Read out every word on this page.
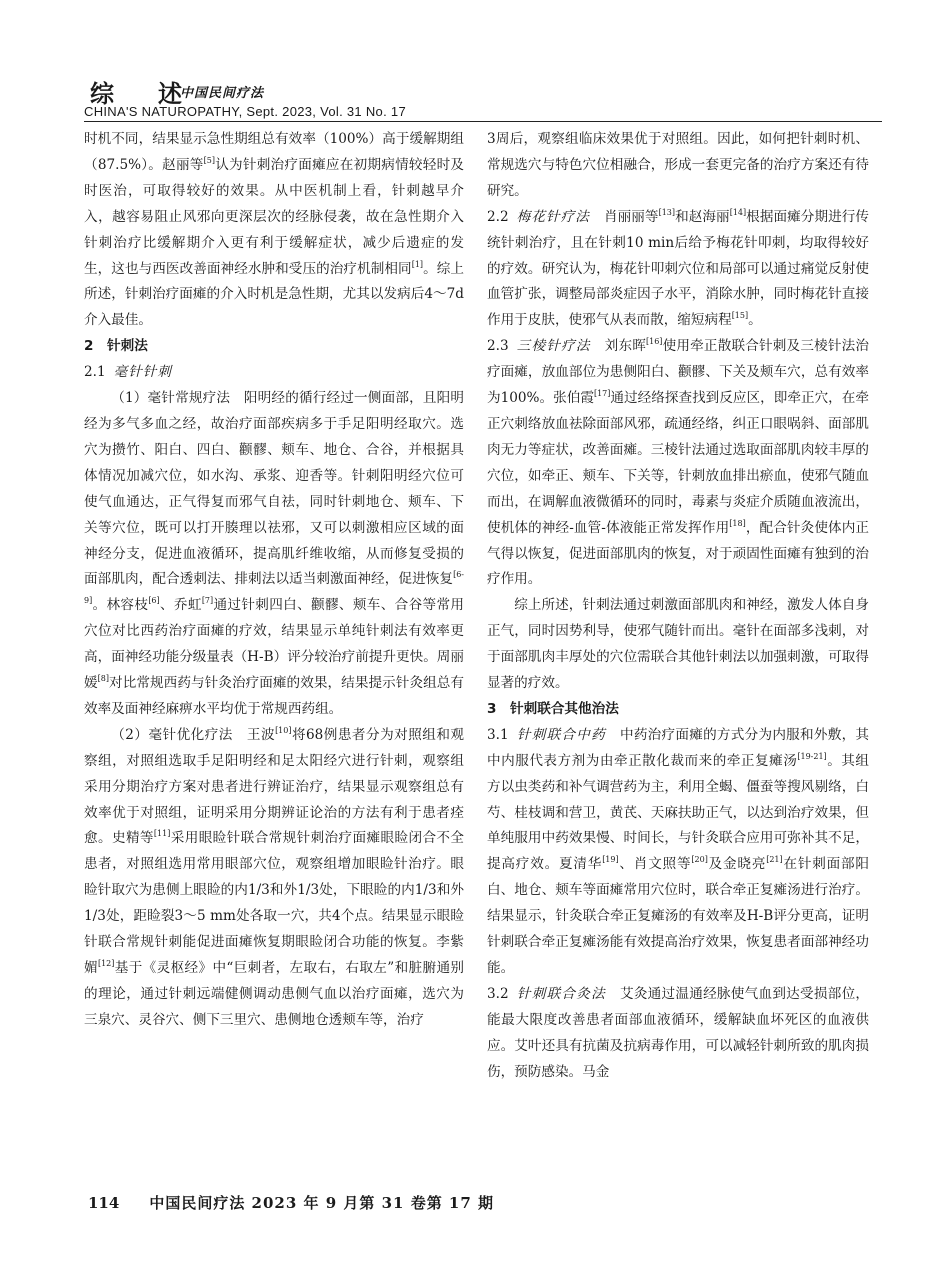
综 述
中国民间疗法
CHINA'S NATUROPATHY, Sept. 2023, Vol. 31 No. 17

时机不同，结果显示急性期组总有效率（100%）高于缓解期组（87.5%）。赵丽等[5]认为针刺治疗面瘫应在初期病情较轻时及时医治，可取得较好的效果。从中医机制上看，针刺越早介入，越容易阻止风邪向更深层次的经脉侵袭，故在急性期介入针刺治疗比缓解期介入更有利于缓解症状，减少后遗症的发生，这也与西医改善面神经水肿和受压的治疗机制相同[1]。综上所述，针刺治疗面瘫的介入时机是急性期，尤其以发病后4～7d介入最佳。

2　针刺法

2.1 毫针针刺

（1）毫针常规疗法　阳明经的循行经过一侧面部，且阳明经为多气多血之经，故治疗面部疾病多于手足阳明经取穴。选穴为攒竹、阳白、四白、颧髎、颊车、地仓、合谷，并根据具体情况加减穴位，如水沟、承浆、迎香等。针刺阳明经穴位可使气血通达，正气得复而邪气自祛，同时针刺地仓、颊车、下关等穴位，既可以打开腠理以祛邪，又可以刺激相应区域的面神经分支，促进血液循环，提高肌纤维收缩，从而修复受损的面部肌肉，配合透刺法、排刺法以适当刺激面神经，促进恢复[6-9]。林容枝[6]、乔虹[7]通过针刺四白、颧髎、颊车、合谷等常用穴位对比西药治疗面瘫的疗效，结果显示单纯针刺法有效率更高，面神经功能分级量表（H-B）评分较治疗前提升更快。周丽媛[8]对比常规西药与针灸治疗面瘫的效果，结果提示针灸组总有效率及面神经麻痹水平均优于常规西药组。

（2）毫针优化疗法　王波[10]将68例患者分为对照组和观察组，对照组选取手足阳明经和足太阳经穴进行针刺，观察组采用分期治疗方案对患者进行辨证治疗，结果显示观察组总有效率优于对照组，证明采用分期辨证论治的方法有利于患者痊愈。史精等[11]采用眼睑针联合常规针刺治疗面瘫眼睑闭合不全患者，对照组选用常用眼部穴位，观察组增加眼睑针治疗。眼睑针取穴为患侧上眼睑的内1/3和外1/3处，下眼睑的内1/3和外1/3处，距睑裂3～5 mm处各取一穴，共4个点。结果显示眼睑针联合常规针刺能促进面瘫恢复期眼睑闭合功能的恢复。李紫媚[12]基于《灵枢经》中“巨刺者，左取右，右取左”和脏腑通别的理论，通过针刺远端健侧调动患侧气血以治疗面瘫，选穴为三泉穴、灵谷穴、侧下三里穴、患侧地仓透颊车等，治疗

3周后，观察组临床效果优于对照组。因此，如何把针刺时机、常规选穴与特色穴位相融合，形成一套更完备的治疗方案还有待研究。

2.2 梅花针疗法 肖丽丽等[13]和赵海丽[14]根据面瘫分期进行传统针刺治疗，且在针刺10 min后给予梅花针叩刺，均取得较好的疗效。研究认为，梅花针叩刺穴位和局部可以通过痛觉反射使血管扩张，调整局部炎症因子水平，消除水肿，同时梅花针直接作用于皮肤，使邪气从表而散，缩短病程[15]。

2.3 三棱针疗法 刘东晖[16]使用牵正散联合针刺及三棱针法治疗面瘫，放血部位为患侧阳白、颧髎、下关及颊车穴，总有效率为100%。张伯霞[17]通过经络探查找到反应区，即牵正穴，在牵正穴刺络放血祛除面部风邪，疏通经络，纠正口眼㖞斜、面部肌肉无力等症状，改善面瘫。三棱针法通过选取面部肌肉较丰厚的穴位，如牵正、颊车、下关等，针刺放血排出瘀血，使邪气随血而出，在调解血液微循环的同时，毒素与炎症介质随血液流出，使机体的神经-血管-体液能正常发挥作用[18]，配合针灸使体内正气得以恢复，促进面部肌肉的恢复，对于顽固性面瘫有独到的治疗作用。

综上所述，针刺法通过刺激面部肌肉和神经，激发人体自身正气，同时因势利导，使邪气随针而出。毫针在面部多浅刺，对于面部肌肉丰厚处的穴位需联合其他针刺法以加强刺激，可取得显著的疗效。

3　针刺联合其他治法

3.1 针刺联合中药 中药治疗面瘫的方式分为内服和外敷，其中内服代表方剂为由牵正散化裁而来的牵正复瘫汤[19-21]。其组方以虫类药和补气调营药为主，利用全蝎、僵蚕等搜风剔络，白芍、桂枝调和营卫，黄芪、天麻扶助正气，以达到治疗效果，但单纯服用中药效果慢、时间长，与针灸联合应用可弥补其不足，提高疗效。夏清华[19]、肖文照等[20]及金晓亮[21]在针刺面部阳白、地仓、颊车等面瘫常用穴位时，联合牵正复瘫汤进行治疗。结果显示，针灸联合牵正复瘫汤的有效率及H-B评分更高，证明针刺联合牵正复瘫汤能有效提高治疗效果，恢复患者面部神经功能。

3.2 针刺联合灸法 艾灸通过温通经脉使气血到达受损部位，能最大限度改善患者面部血液循环，缓解缺血坏死区的血液供应。艾叶还具有抗菌及抗病毒作用，可以减轻针刺所致的肌肉损伤，预防感染。马金

114 中国民间疗法 2023 年 9 月第 31 卷第 17 期
